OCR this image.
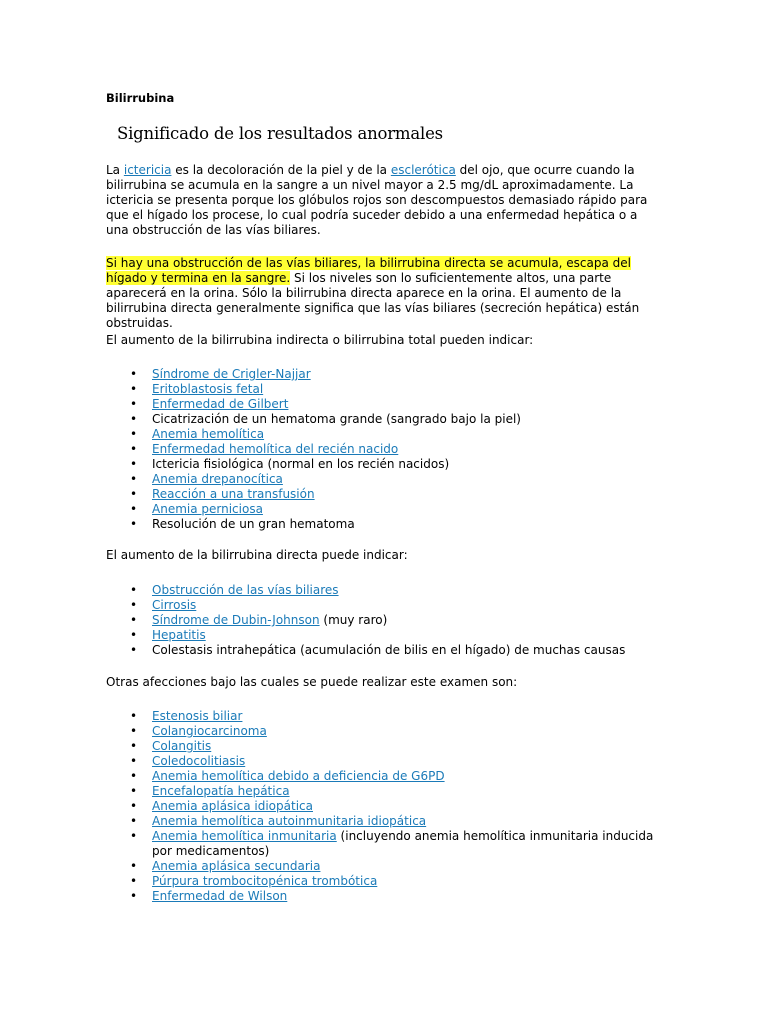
Bilirrubina
Significado de los resultados anormales

La ictericia es la decoloración de la piel y de la esclerótica del ojo, que ocurre cuando la bilirrubina se acumula en la sangre a un nivel mayor a 2.5 mg/dL aproximadamente. La ictericia se presenta porque los glóbulos rojos son descompuestos demasiado rápido para que el hígado los procese, lo cual podría suceder debido a una enfermedad hepática o a una obstrucción de las vías biliares.

Si hay una obstrucción de las vías biliares, la bilirrubina directa se acumula, escapa del hígado y termina en la sangre. Si los niveles son lo suficientemente altos, una parte aparecerá en la orina. Sólo la bilirrubina directa aparece en la orina. El aumento de la bilirrubina directa generalmente significa que las vías biliares (secreción hepática) están obstruidas.

El aumento de la bilirrubina indirecta o bilirrubina total pueden indicar:

• Síndrome de Crigler-Najjar
• Eritoblastosis fetal
• Enfermedad de Gilbert
• Cicatrización de un hematoma grande (sangrado bajo la piel)
• Anemia hemolítica
• Enfermedad hemolítica del recién nacido
• Ictericia fisiológica (normal en los recién nacidos)
• Anemia drepanocítica
• Reacción a una transfusión
• Anemia perniciosa
• Resolución de un gran hematoma

El aumento de la bilirrubina directa puede indicar:

• Obstrucción de las vías biliares
• Cirrosis
• Síndrome de Dubin-Johnson (muy raro)
• Hepatitis
• Colestasis intrahepática (acumulación de bilis en el hígado) de muchas causas

Otras afecciones bajo las cuales se puede realizar este examen son:

• Estenosis biliar
• Colangiocarcinoma
• Colangitis
• Coledocolitiasis
• Anemia hemolítica debido a deficiencia de G6PD
• Encefalopatía hepática
• Anemia aplásica idiopática
• Anemia hemolítica autoinmunitaria idiopática
• Anemia hemolítica inmunitaria (incluyendo anemia hemolítica inmunitaria inducida por medicamentos)
• Anemia aplásica secundaria
• Púrpura trombocitopénica trombótica
• Enfermedad de Wilson
